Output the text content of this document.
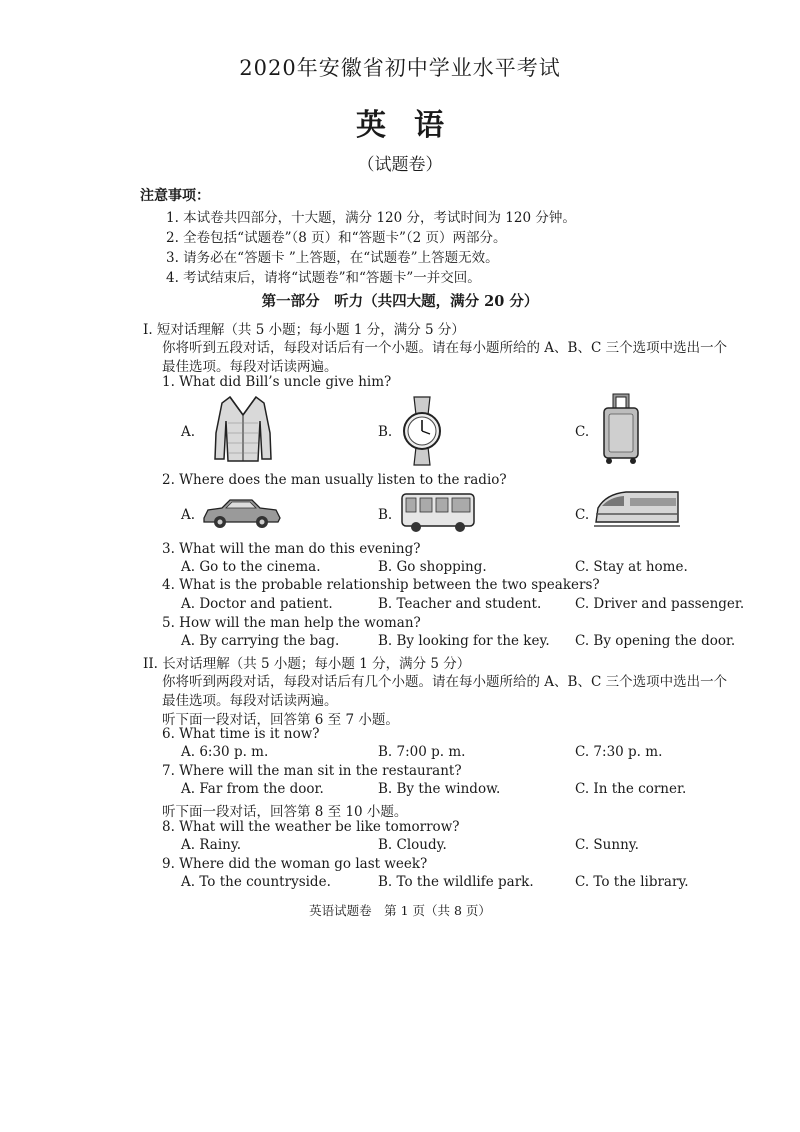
2020年安徽省初中学业水平考试
英语
（试题卷）
注意事项：
1. 本试卷共四部分，十大题，满分 120 分，考试时间为 120 分钟。
2. 全卷包括“试题卷”（8 页）和“答题卡”（2 页）两部分。
3. 请务必在“答题卡 ”上答题，在“试题卷”上答题无效。
4. 考试结束后，请将“试题卷”和“答题卡”一并交回。
第一部分　听力（共四大题，满分 20 分）
I. 短对话理解（共 5 小题；每小题 1 分，满分 5 分）
你将听到五段对话，每段对话后有一个小题。请在每小题所给的 A、B、C 三个选项中选出一个
最佳选项。每段对话读两遍。
1. What did Bill’s uncle give him?
A.	B.	C.
2. Where does the man usually listen to the radio?
A.	B.	C.
3. What will the man do this evening?
A. Go to the cinema.	B. Go shopping.	C. Stay at home.
4. What is the probable relationship between the two speakers?
A. Doctor and patient.	B. Teacher and student. C. Driver and passenger.
5. How will the man help the woman?
A. By carrying the bag.	B. By looking for the key. C. By opening the door.
II. 长对话理解（共 5 小题；每小题 1 分，满分 5 分）
你将听到两段对话，每段对话后有几个小题。请在每小题所给的 A、B、C 三个选项中选出一个
最佳选项。每段对话读两遍。
听下面一段对话，回答第 6 至 7 小题。
6. What time is it now?
A. 6:30 p. m.	B. 7:00 p. m.	C. 7:30 p. m.
7. Where will the man sit in the restaurant?
A. Far from the door.	B. By the window.	C. In the corner.
听下面一段对话，回答第 8 至 10 小题。
8. What will the weather be like tomorrow?
A. Rainy.	B. Cloudy.	C. Sunny.
9. Where did the woman go last week?
A. To the countryside.	B. To the wildlife park.	C. To the library.
英语试题卷　第 1 页（共 8 页）
